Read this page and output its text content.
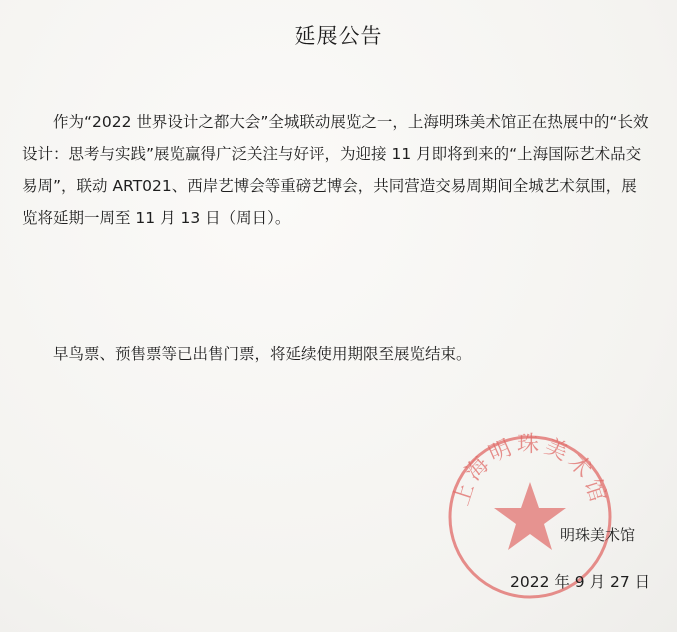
延展公告

作为“2022 世界设计之都大会”全城联动展览之一，上海明珠美术馆正在热展中的“长效设计：思考与实践”展览赢得广泛关注与好评，为迎接 11 月即将到来的“上海国际艺术品交易周”，联动 ART021、西岸艺博会等重磅艺博会，共同营造交易周期间全城艺术氛围，展览将延期一周至 11 月 13 日（周日）。

早鸟票、预售票等已出售门票，将延续使用期限至展览结束。

上海明珠美术馆
明珠美术馆
2022 年 9 月 27 日
